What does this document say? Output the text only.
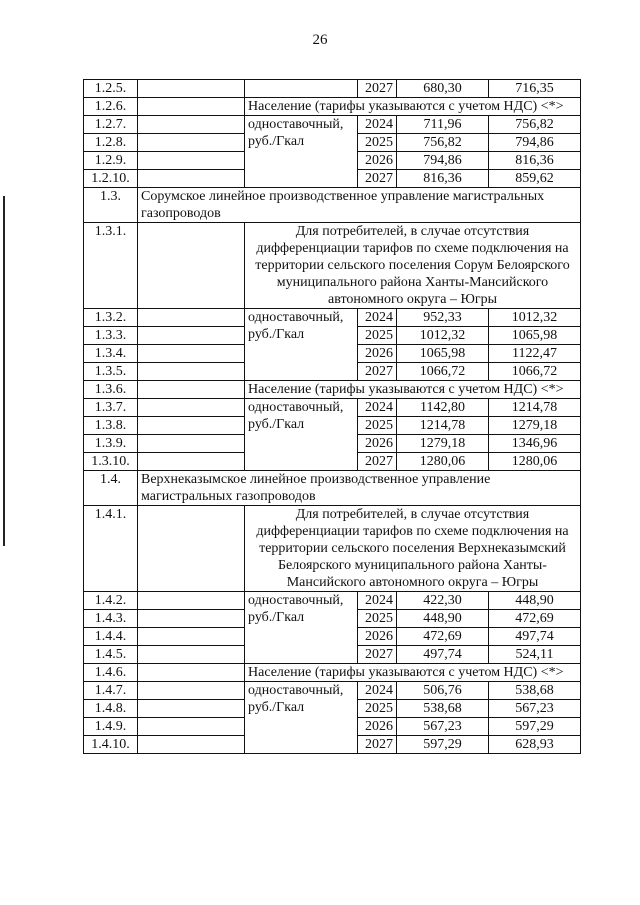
26
1.2.5.			2027	680,30	716,35
1.2.6.		Население (тарифы указываются с учетом НДС) <*>			
1.2.7.		одноставочный, руб./Гкал	2024	711,96	756,82
1.2.8.			2025	756,82	794,86
1.2.9.			2026	794,86	816,36
1.2.10.			2027	816,36	859,62
1.3.	Сорумское линейное производственное управление магистральных газопроводов				
1.3.1.		Для потребителей, в случае отсутствия дифференциации тарифов по схеме подключения на территории сельского поселения Сорум Белоярского муниципального района Ханты-Мансийского автономного округа – Югры			
1.3.2.		одноставочный, руб./Гкал	2024	952,33	1012,32
1.3.3.			2025	1012,32	1065,98
1.3.4.			2026	1065,98	1122,47
1.3.5.			2027	1066,72	1066,72
1.3.6.		Население (тарифы указываются с учетом НДС) <*>			
1.3.7.		одноставочный, руб./Гкал	2024	1142,80	1214,78
1.3.8.			2025	1214,78	1279,18
1.3.9.			2026	1279,18	1346,96
1.3.10.			2027	1280,06	1280,06
1.4.	Верхнеказымское линейное производственное управление магистральных газопроводов				
1.4.1.		Для потребителей, в случае отсутствия дифференциации тарифов по схеме подключения на территории сельского поселения Верхнеказымский Белоярского муниципального района Ханты-Мансийского автономного округа – Югры			
1.4.2.		одноставочный, руб./Гкал	2024	422,30	448,90
1.4.3.			2025	448,90	472,69
1.4.4.			2026	472,69	497,74
1.4.5.			2027	497,74	524,11
1.4.6.		Население (тарифы указываются с учетом НДС) <*>			
1.4.7.		одноставочный, руб./Гкал	2024	506,76	538,68
1.4.8.			2025	538,68	567,23
1.4.9.			2026	567,23	597,29
1.4.10.			2027	597,29	628,93
